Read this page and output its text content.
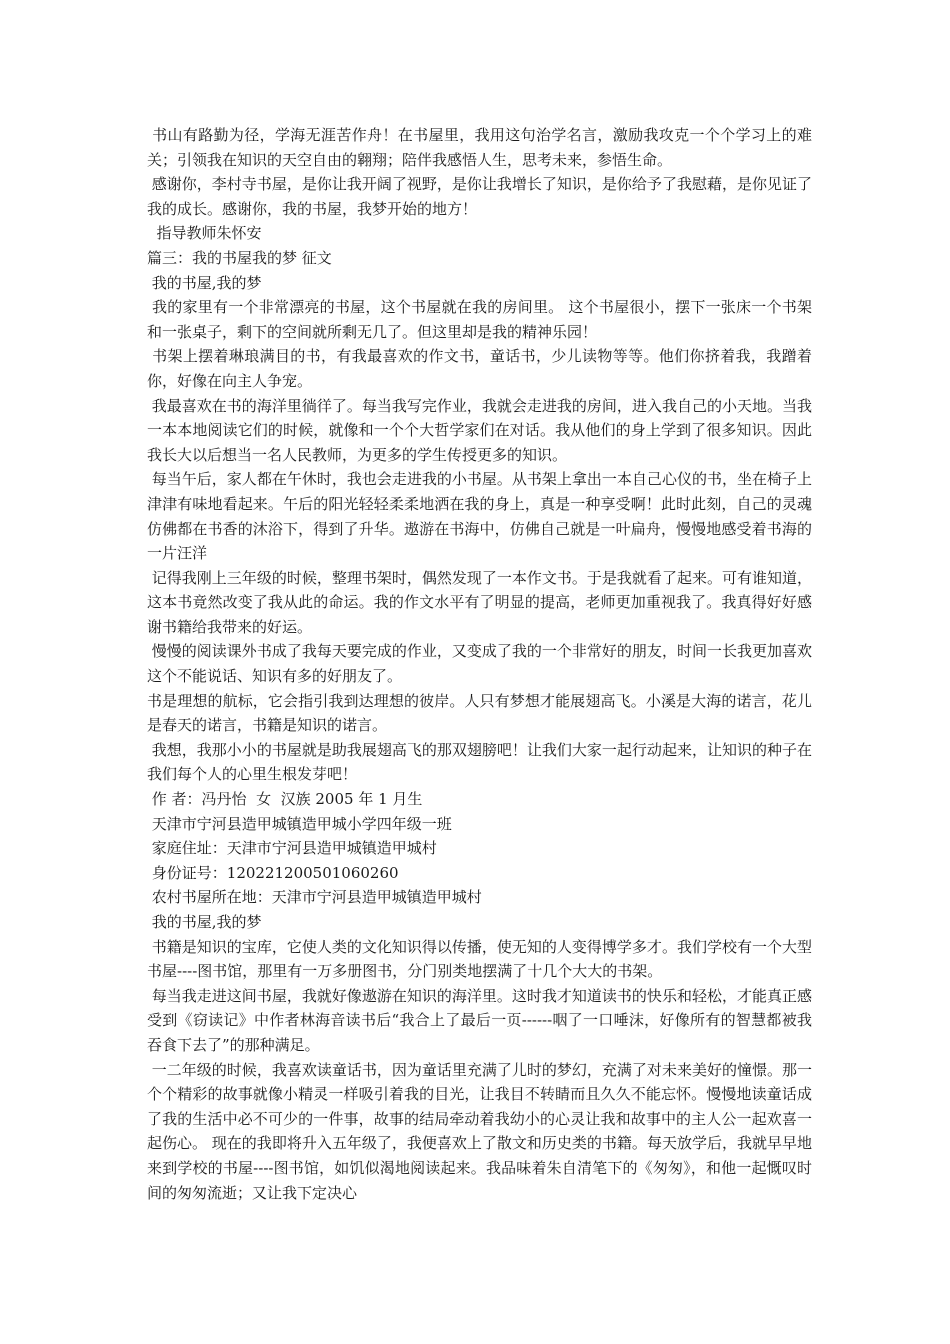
书山有路勤为径，学海无涯苦作舟！在书屋里，我用这句治学名言，激励我攻克一个个学习上的难关；引领我在知识的天空自由的翱翔；陪伴我感悟人生，思考未来，参悟生命。

感谢你，李村寺书屋，是你让我开阔了视野，是你让我增长了知识，是你给予了我慰藉，是你见证了我的成长。感谢你，我的书屋，我梦开始的地方！

指导教师朱怀安

篇三：我的书屋我的梦 征文

我的书屋,我的梦

我的家里有一个非常漂亮的书屋，这个书屋就在我的房间里。 这个书屋很小，摆下一张床一个书架和一张桌子，剩下的空间就所剩无几了。但这里却是我的精神乐园！

书架上摆着琳琅满目的书，有我最喜欢的作文书，童话书，少儿读物等等。他们你挤着我，我蹭着你，好像在向主人争宠。

我最喜欢在书的海洋里徜徉了。每当我写完作业，我就会走进我的房间，进入我自己的小天地。当我一本本地阅读它们的时候，就像和一个个大哲学家们在对话。我从他们的身上学到了很多知识。因此我长大以后想当一名人民教师，为更多的学生传授更多的知识。

每当午后，家人都在午休时，我也会走进我的小书屋。从书架上拿出一本自己心仪的书，坐在椅子上津津有味地看起来。午后的阳光轻轻柔柔地洒在我的身上，真是一种享受啊！此时此刻，自己的灵魂仿佛都在书香的沐浴下，得到了升华。遨游在书海中，仿佛自己就是一叶扁舟，慢慢地感受着书海的一片汪洋

记得我刚上三年级的时候，整理书架时，偶然发现了一本作文书。于是我就看了起来。可有谁知道，这本书竟然改变了我从此的命运。我的作文水平有了明显的提高，老师更加重视我了。我真得好好感谢书籍给我带来的好运。

慢慢的阅读课外书成了我每天要完成的作业，又变成了我的一个非常好的朋友，时间一长我更加喜欢这个不能说话、知识有多的好朋友了。

书是理想的航标，它会指引我到达理想的彼岸。人只有梦想才能展翅高飞。小溪是大海的诺言，花儿是春天的诺言，书籍是知识的诺言。

我想，我那小小的书屋就是助我展翅高飞的那双翅膀吧！让我们大家一起行动起来，让知识的种子在我们每个人的心里生根发芽吧！

作 者：冯丹怡  女  汉族 2005 年 1 月生

天津市宁河县造甲城镇造甲城小学四年级一班

家庭住址：天津市宁河县造甲城镇造甲城村

身份证号：120221200501060260

农村书屋所在地：天津市宁河县造甲城镇造甲城村

我的书屋,我的梦

书籍是知识的宝库，它使人类的文化知识得以传播，使无知的人变得博学多才。我们学校有一个大型书屋----图书馆，那里有一万多册图书，分门别类地摆满了十几个大大的书架。

每当我走进这间书屋，我就好像遨游在知识的海洋里。这时我才知道读书的快乐和轻松，才能真正感受到《窃读记》中作者林海音读书后“我合上了最后一页------咽了一口唾沫，好像所有的智慧都被我吞食下去了”的那种满足。

一二年级的时候，我喜欢读童话书，因为童话里充满了儿时的梦幻，充满了对未来美好的憧憬。那一个个精彩的故事就像小精灵一样吸引着我的目光，让我目不转睛而且久久不能忘怀。慢慢地读童话成了我的生活中必不可少的一件事，故事的结局牵动着我幼小的心灵让我和故事中的主人公一起欢喜一起伤心。 现在的我即将升入五年级了，我便喜欢上了散文和历史类的书籍。每天放学后，我就早早地来到学校的书屋----图书馆，如饥似渴地阅读起来。我品味着朱自清笔下的《匆匆》，和他一起慨叹时间的匆匆流逝；又让我下定决心
